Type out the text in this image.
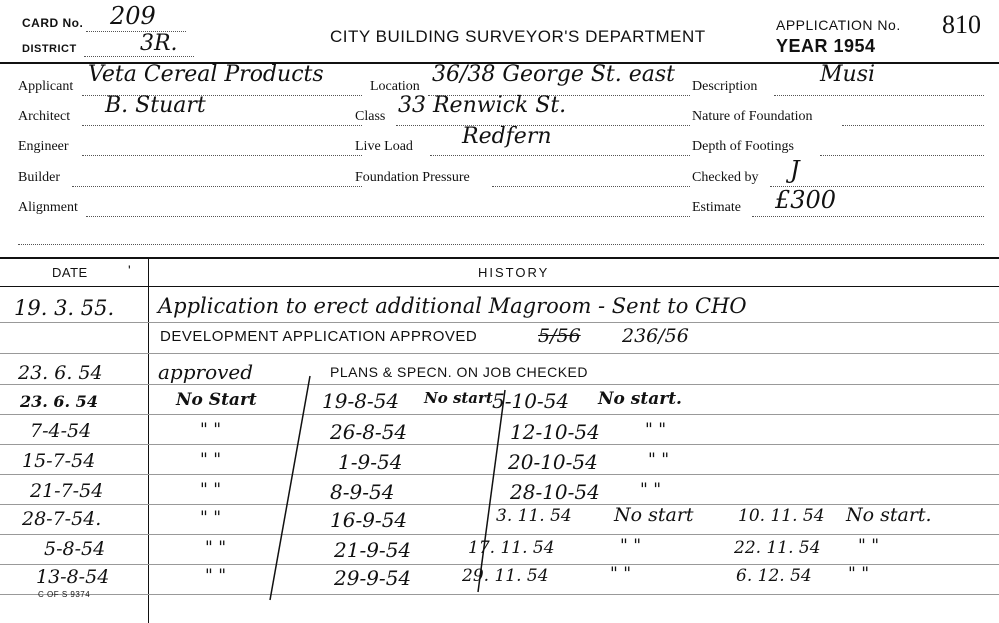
CARD No. 209
DISTRICT	3R.	CITY BUILDING SURVEYOR'S DEPARTMENT
APPLICATION No. 810
YEAR 1954
Applicant Veta Cereal Products	Location 36/38 George St. east Description	Musi
Architect B. Stuart	Class 33 Renwick St.	Nature of Foundation
Engineer	Live Load Redfern	Depth of Footings
Builder	Foundation Pressure	Checked by J
Alignment	Estimate £300
DATE	'	HISTORY
19. 3. 55. Application to erect additional Magroom - Sent to CHO
DEVELOPMENT APPLICATION APPROVED	5/56 236/56
23. 6. 54	approved	PLANS & SPECN. ON JOB CHECKED
23. 6. 54	No Start	19-8-54 No start 5-10-54 No start.
7-4-54	" "	26-8-54	12-10-54	" "
15-7-54	" "	1-9-54	20-10-54	" "
21-7-54	" "	8-9-54	28-10-54 " "
28-7-54.	" "	16-9-54	3. 11. 54 No start	10. 11. 54 No start.
5-8-54	" "	21-9-54	17. 11. 54	" "	22. 11. 54 " "
13-8-54	" "	29-9-54	29. 11. 54	" "	6. 12. 54 " "
C OF S 9374
